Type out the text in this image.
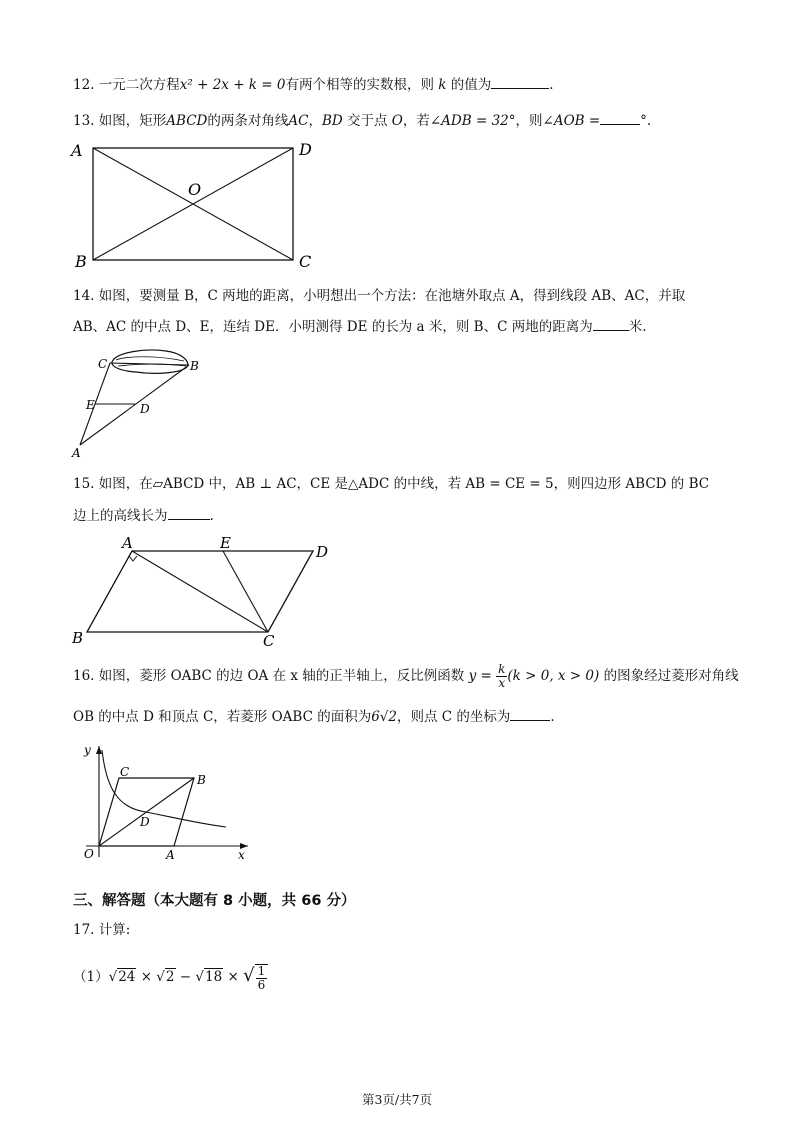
12. 一元二次方程x² + 2x + k = 0有两个相等的实数根，则 k 的值为	.
13. 如图，矩形ABCD的两条对角线AC，BD 交于点 O，若∠ADB = 32°，则∠AOB =	°.
A
B	C
D
O
14. 如图，要测量 B，C 两地的距离，小明想出一个方法：在池塘外取点 A，得到线段 AB、AC，并取
AB、AC 的中点 D、E，连结 DE．小明测得 DE 的长为 a 米，则 B、C 两地的距离为	米.
C	B
E	D
A
15. 如图，在▱ABCD 中，AB ⊥ AC，CE 是△ADC 的中线，若 AB = CE = 5，则四边形 ABCD 的 BC
边上的高线长为	.
A	E	D
B	C
16. 如图，菱形 OABC 的边 OA 在 x 轴的正半轴上，反比例函数 $y = \frac{k}{x} (k > 0$, x > 0) 的图象经过菱形对角线
OB 的中点 D 和顶点 C，若菱形 OABC 的面积为6√2，则点 C 的坐标为	.
O	A
B
C
D
x
y
三、解答题（本大题有 8 小题，共 66 分）
17. 计算:
（1）√24 × √2 − √18 × √ $\frac{1}{6}$
第3页/共7页
